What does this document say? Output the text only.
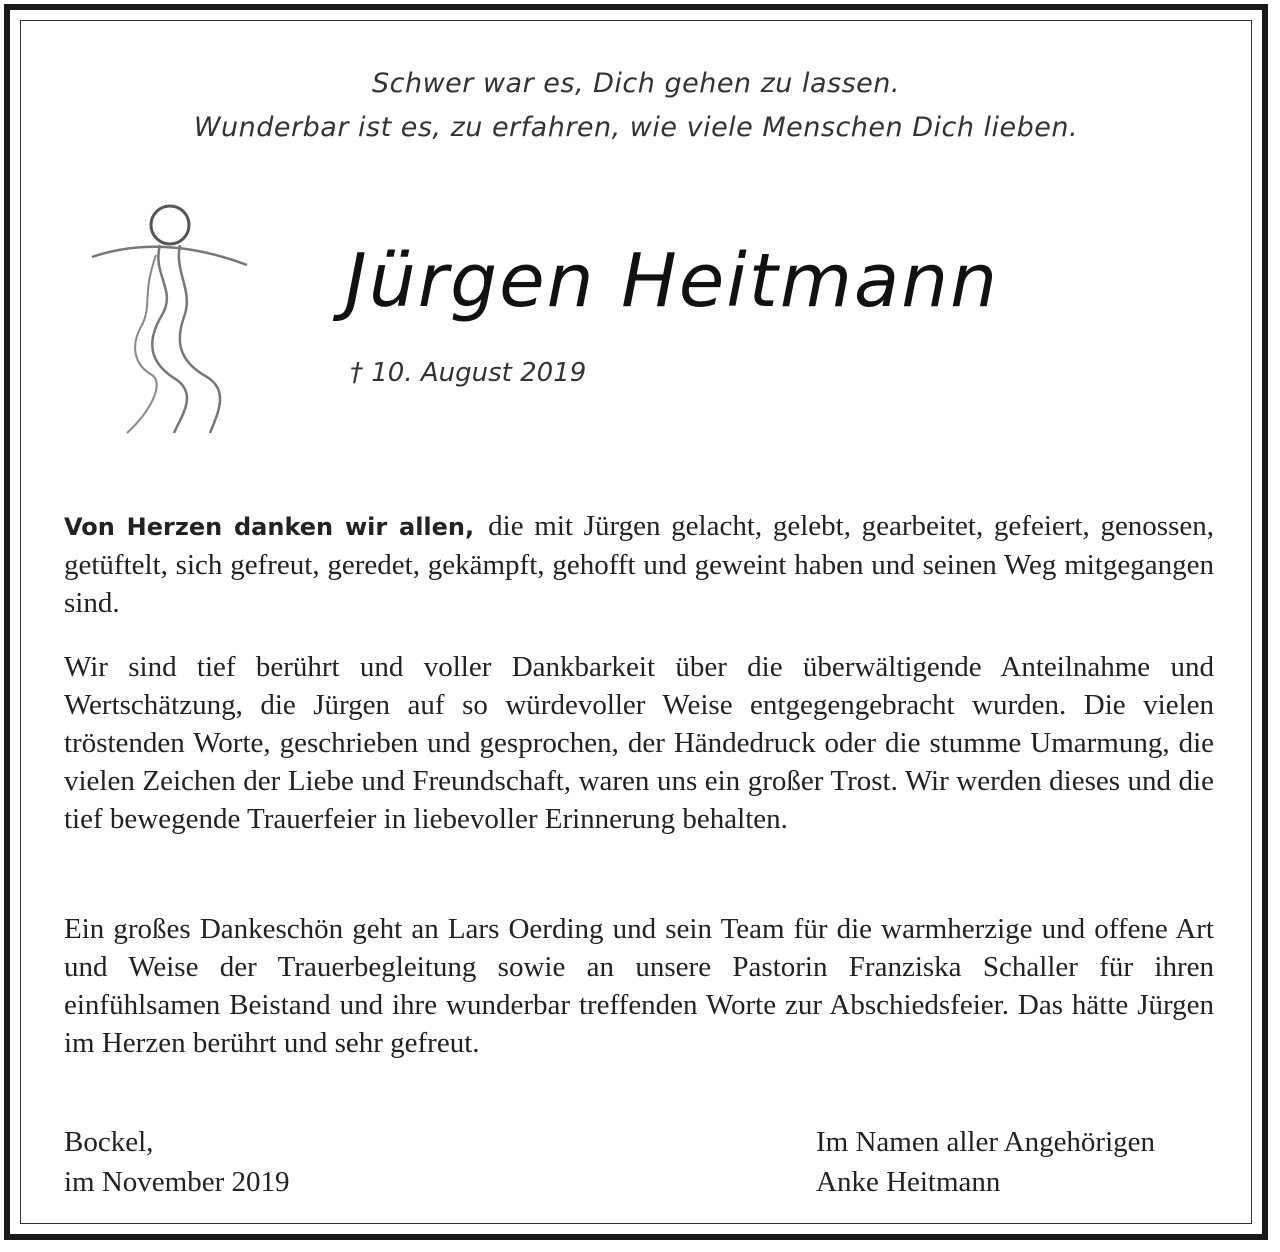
Schwer war es, Dich gehen zu lassen.
Wunderbar ist es, zu erfahren, wie viele Menschen Dich lieben.
Jürgen Heitmann
† 10. August 2019
Von Herzen danken wir allen, die mit Jürgen gelacht, gelebt, gearbeitet, gefeiert, genossen, getüftelt, sich gefreut, geredet, gekämpft, gehofft und geweint haben und seinen Weg mitgegangen sind.
Wir sind tief berührt und voller Dankbarkeit über die überwältigende Anteilnahme und Wertschätzung, die Jürgen auf so würdevoller Weise entgegengebracht wurden. Die vielen tröstenden Worte, geschrieben und gesprochen, der Händedruck oder die stumme Umarmung, die vielen Zeichen der Liebe und Freundschaft, waren uns ein großer Trost. Wir werden dieses und die tief bewegende Trauerfeier in liebevoller Erinnerung behalten.
Ein großes Dankeschön geht an Lars Oerding und sein Team für die warmherzige und offene Art und Weise der Trauerbegleitung sowie an unsere Pastorin Franziska Schaller für ihren einfühlsamen Beistand und ihre wunderbar treffenden Worte zur Abschiedsfeier. Das hätte Jürgen im Herzen berührt und sehr gefreut.
Bockel,
im November 2019
Im Namen aller Angehörigen
Anke Heitmann
